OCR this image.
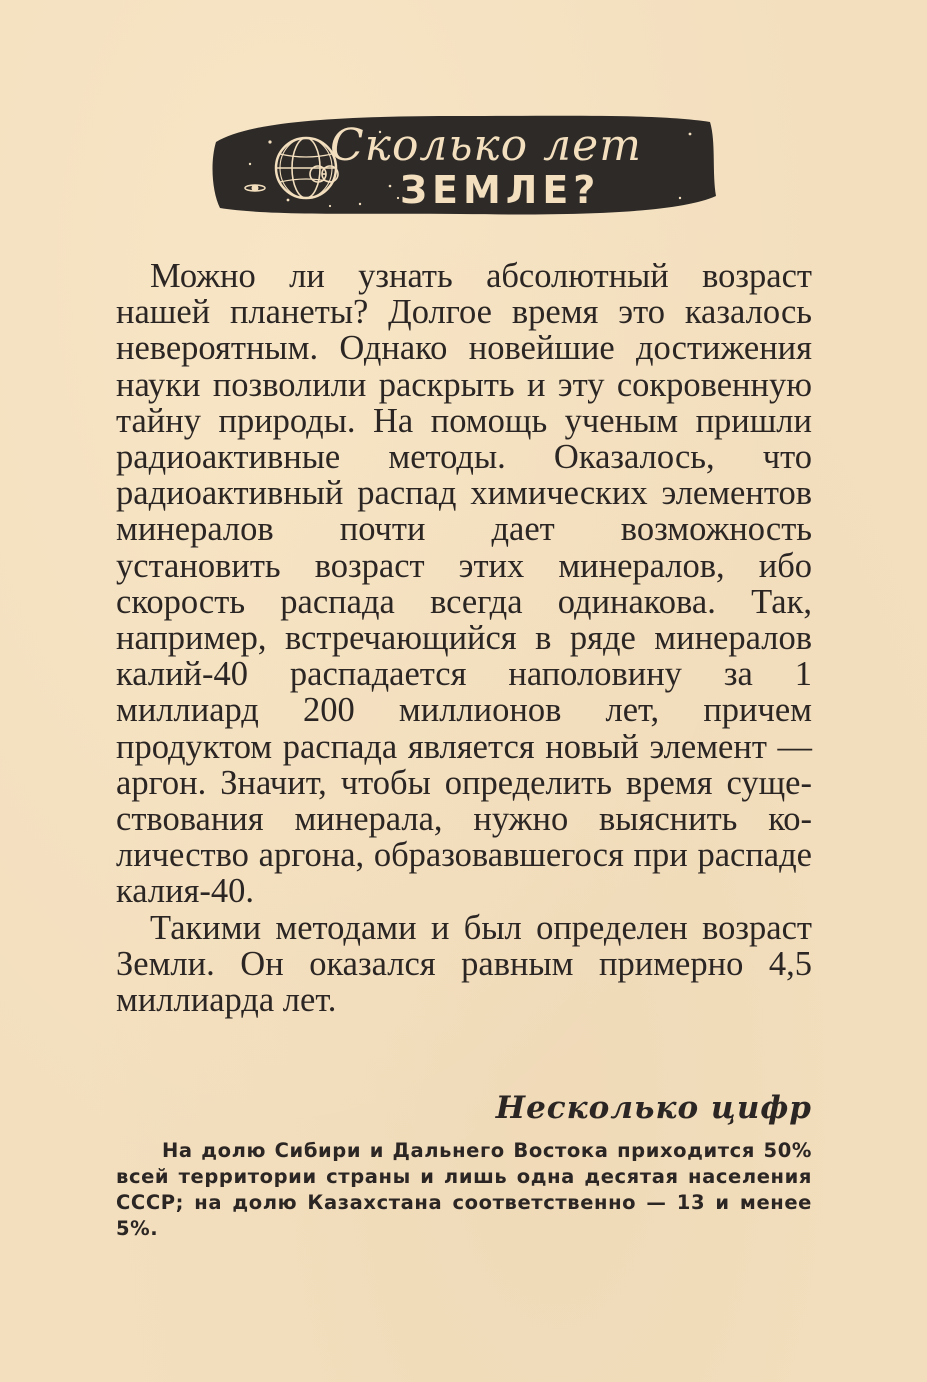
Сколько лет
ЗЕМЛЕ?

Можно ли узнать абсолютный возраст нашей планеты? Долгое время это казалось невероятным. Однако новейшие достижения науки позволили раскрыть и эту сокровенную тайну природы. На помощь ученым пришли радиоактивные методы. Оказалось, что радиоактивный распад химических элементов минералов почти дает возможность установить возраст этих минералов, ибо скорость распада всегда одинакова. Так, например, встречающийся в ряде минералов калий-40 распадается наполовину за 1 миллиард 200 миллионов лет, причем продуктом распада является новый элемент — аргон. Значит, чтобы определить время существования минерала, нужно выяснить количество аргона, образовавшегося при распаде калия-40.

Такими методами и был определен возраст Земли. Он оказался равным примерно 4,5 миллиарда лет.

Несколько цифр

На долю Сибири и Дальнего Востока приходится 50% всей территории страны и лишь одна десятая населения СССР; на долю Казахстана соответственно — 13 и менее 5%.
